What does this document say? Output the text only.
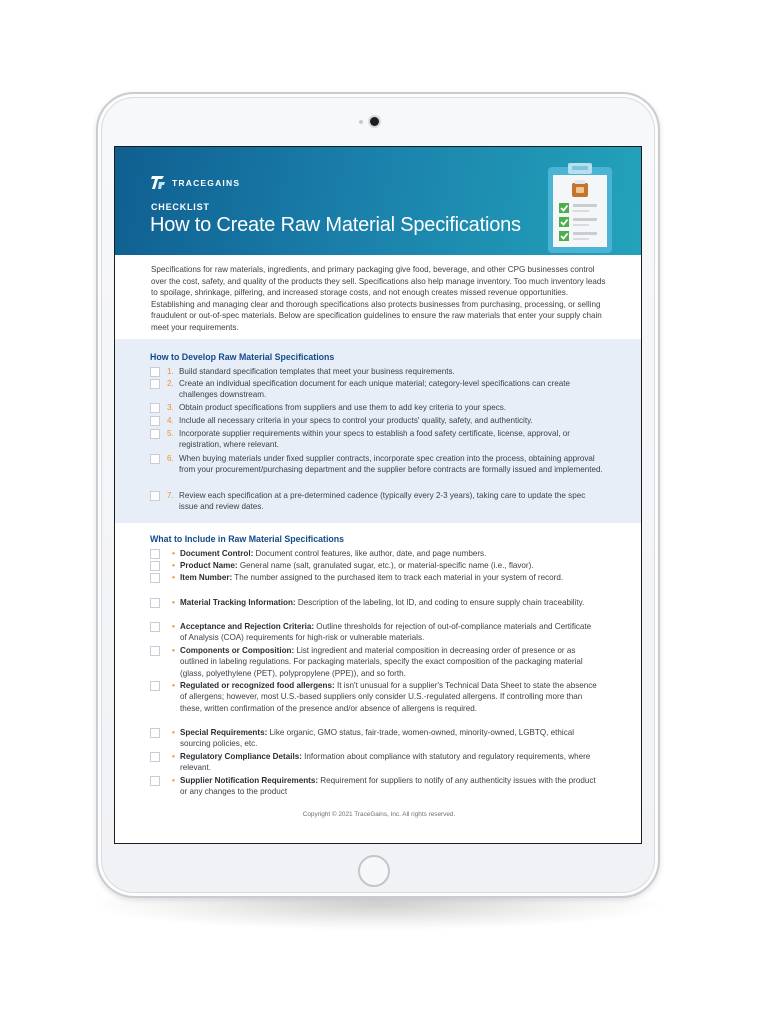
TRACEGAINS
CHECKLIST
How to Create Raw Material Specifications

Specifications for raw materials, ingredients, and primary packaging give food, beverage, and other CPG businesses control over the cost, safety, and quality of the products they sell. Specifications also help manage inventory. Too much inventory leads to spoilage, shrinkage, pilfering, and increased storage costs, and not enough creates missed revenue opportunities. Establishing and managing clear and thorough specifications also protects businesses from purchasing, processing, or selling fraudulent or out-of-spec materials. Below are specification guidelines to ensure the raw materials that enter your supply chain meet your requirements.

How to Develop Raw Material Specifications
1. Build standard specification templates that meet your business requirements.
2. Create an individual specification document for each unique material; category-level specifications can create challenges downstream.
3. Obtain product specifications from suppliers and use them to add key criteria to your specs.
4. Include all necessary criteria in your specs to control your products' quality, safety, and authenticity.
5. Incorporate supplier requirements within your specs to establish a food safety certificate, license, approval, or registration, where relevant.
6. When buying materials under fixed supplier contracts, incorporate spec creation into the process, obtaining approval from your procurement/purchasing department and the supplier before contracts are formally issued and implemented.
7. Review each specification at a pre-determined cadence (typically every 2-3 years), taking care to update the spec issue and review dates.
What to Include in Raw Material Specifications
• Document Control: Document control features, like author, date, and page numbers.
• Product Name: General name (salt, granulated sugar, etc.), or material-specific name (i.e., flavor).
• Item Number: The number assigned to the purchased item to track each material in your system of record.
• Material Tracking Information: Description of the labeling, lot ID, and coding to ensure supply chain traceability.
• Acceptance and Rejection Criteria: Outline thresholds for rejection of out-of-compliance materials and Certificate of Analysis (COA) requirements for high-risk or vulnerable materials.
• Components or Composition: List ingredient and material composition in decreasing order of presence or as outlined in labeling regulations. For packaging materials, specify the exact composition of the packaging material (glass, polyethylene (PET), polypropylene (PPE)), and so forth.
• Regulated or recognized food allergens: It isn't unusual for a supplier's Technical Data Sheet to state the absence of allergens; however, most U.S.-based suppliers only consider U.S.-regulated allergens. If controlling more than these, written confirmation of the presence and/or absence of allergens is required.
• Special Requirements: Like organic, GMO status, fair-trade, women-owned, minority-owned, LGBTQ, ethical sourcing policies, etc.
• Regulatory Compliance Details: Information about compliance with statutory and regulatory requirements, where relevant.
• Supplier Notification Requirements: Requirement for suppliers to notify of any authenticity issues with the product or any changes to the product
Copyright © 2021 TraceGains, Inc. All rights reserved.
